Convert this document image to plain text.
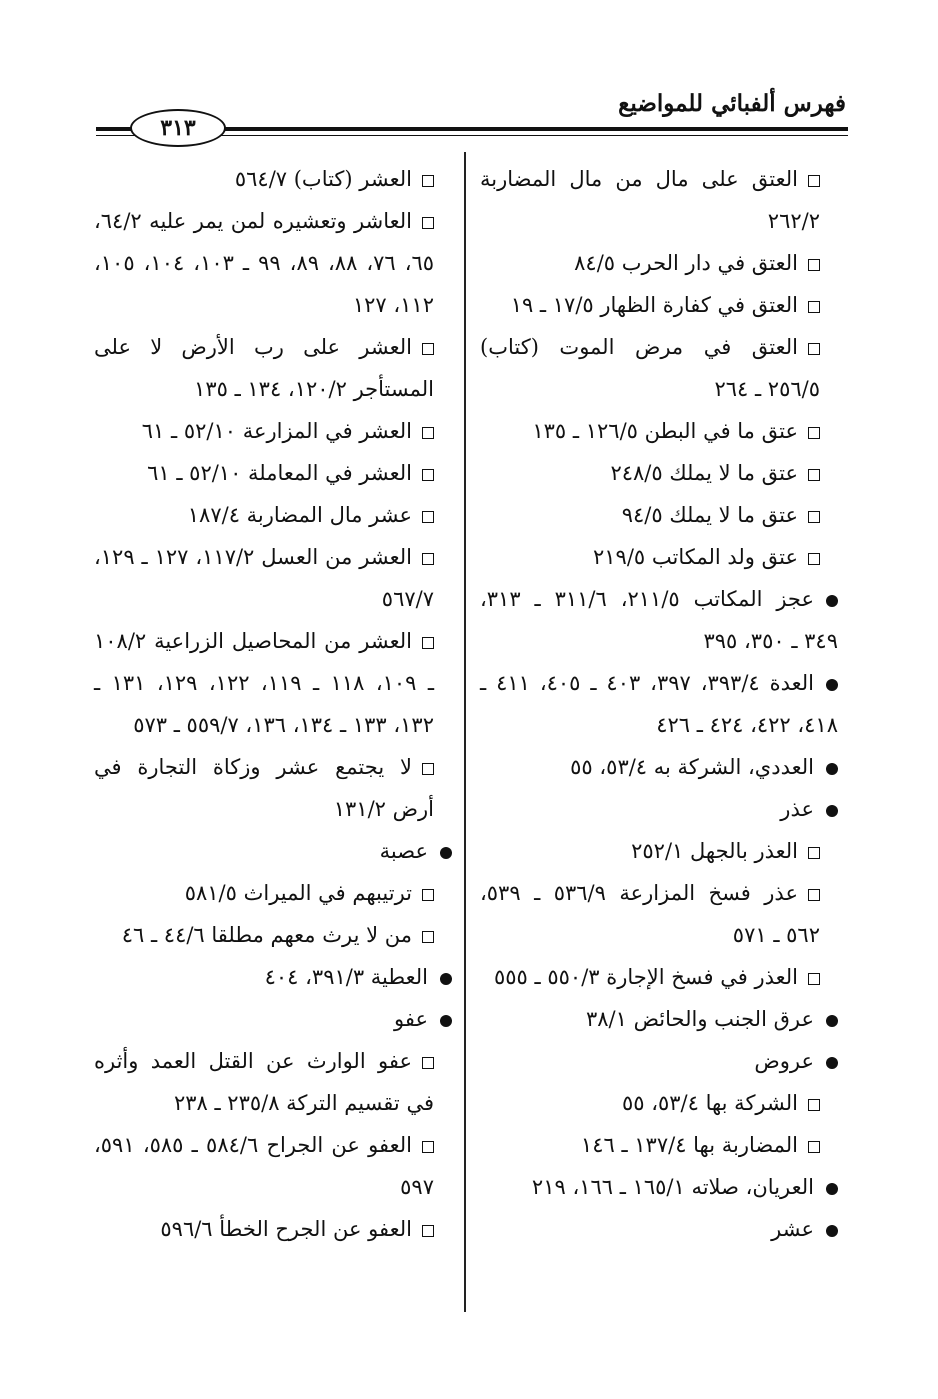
فهرس ألفبائي للمواضيع
٣١٣

العتق على مال من مال المضاربة ٢٦٢/٢

العتق في دار الحرب ٨٤/٥

العتق في كفارة الظهار ١٧/٥ ـ ١٩

العتق في مرض الموت (كتاب) ٢٥٦/٥ ـ ٢٦٤

عتق ما في البطن ١٢٦/٥ ـ ١٣٥

عتق ما لا يملك ٢٤٨/٥

عتق ما لا يملك ٩٤/٥

عتق ولد المكاتب ٢١٩/٥

عجز المكاتب ٢١١/٥، ٣١١/٦ ـ ٣١٣، ٣٤٩ ـ ٣٥٠، ٣٩٥

العدة ٣٩٣/٤، ٣٩٧، ٤٠٣ ـ ٤٠٥، ٤١١ ـ ٤١٨، ٤٢٢، ٤٢٤ ـ ٤٢٦

العددي، الشركة به ٥٣/٤، ٥٥

عذر

العذر بالجهل ٢٥٢/١

عذر فسخ المزارعة ٥٣٦/٩ ـ ٥٣٩، ٥٦٢ ـ ٥٧١

العذر في فسخ الإجارة ٥٥٠/٣ ـ ٥٥٥

عرق الجنب والحائض ٣٨/١

عروض

الشركة بها ٥٣/٤، ٥٥

المضاربة بها ١٣٧/٤ ـ ١٤٦

العريان، صلاته ١٦٥/١ ـ ١٦٦، ٢١٩

عشر

العشر (كتاب) ٥٦٤/٧

العاشر وتعشيره لمن يمر عليه ٦٤/٢، ٦٥، ٧٦، ٨٨، ٨٩، ٩٩ ـ ١٠٣، ١٠٤، ١٠٥، ١١٢، ١٢٧

العشر على رب الأرض لا على المستأجر ١٢٠/٢، ١٣٤ ـ ١٣٥

العشر في المزارعة ٥٢/١٠ ـ ٦١

العشر في المعاملة ٥٢/١٠ ـ ٦١

عشر مال المضاربة ١٨٧/٤

العشر من العسل ١١٧/٢، ١٢٧ ـ ١٢٩، ٥٦٧/٧

العشر من المحاصيل الزراعية ١٠٨/٢ ـ ١٠٩، ١١٨ ـ ١١٩، ١٢٢، ١٢٩، ١٣١ ـ ١٣٢، ١٣٣ ـ ١٣٤، ١٣٦، ٥٥٩/٧ ـ ٥٧٣

لا يجتمع عشر وزكاة التجارة في أرض ١٣١/٢

عصبة

ترتيبهم في الميراث ٥٨١/٥

من لا يرث معهم مطلقا ٤٤/٦ ـ ٤٦

العطية ٣٩١/٣، ٤٠٤

عفو

عفو الوارث عن القتل العمد وأثره في تقسيم التركة ٢٣٥/٨ ـ ٢٣٨

العفو عن الجراح ٥٨٤/٦ ـ ٥٨٥، ٥٩١، ٥٩٧

العفو عن الجرح الخطأ ٥٩٦/٦
